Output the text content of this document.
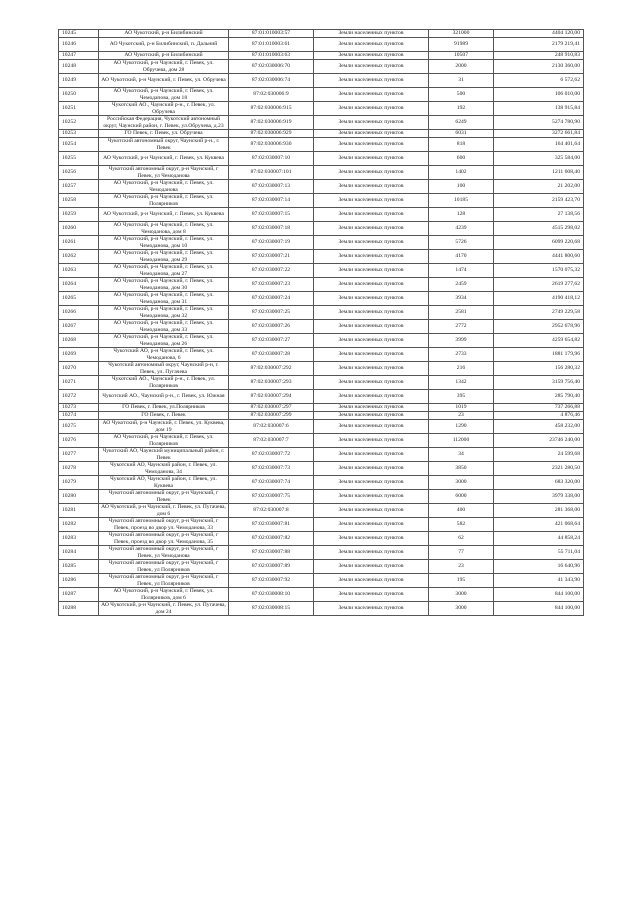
10245	АО Чукотский, р-н Билибинский	87:01:010003:57	Земли населенных пунктов	321000	4404 120,00
10246	АО Чукотский, р-н Билибинский, п. Дальний	87:01:010003:61	Земли населенных пунктов	91989	2179 219,41
10247	АО Чукотский, р-н Билибинский	87:01:010003:63	Земли населенных пунктов	10507	248 910,83
10248	АО Чукотский, р-н Чаунский, г. Певек, ул. Обручева, дом 28	87:02:030006:70	Земли населенных пунктов	2000	2130 360,00
10249	АО Чукотский, р-н Чаунский, г. Певек, ул. Обручева	87:02:030006:74	Земли населенных пунктов	31	6 572,62
10250	АО Чукотский, р-н Чаунский, г. Певек, ул. Чемодапова, дом 18	87:02:030006:9	Земли населенных пунктов	500	106 010,00
10251	Чукотский АО., Чаунский р-н., г. Певек, ул. Обручева	87:02:030006:915	Земли населенных пунктов	192	138 915,84
10252	Российская Федерация, Чукотский автономный округ, Чаунский район, г. Певек, ул.Обручева, д.23	87:02:030006:919	Земли населенных пунктов	6249	5274 780,90
10253	ГО Певек, г. Певек, ул. Обручева	87:02:030006:929	Земли населенных пунктов	6031	3272 661,84
10254	Чукотский автономный округ, Чаунский р-н., г. Певек	87:02:030006:930	Земли населенных пунктов	818	164 401,64
10255	АО Чукотский, р-н Чаунский, г. Певек, ул. Куквева	87:02:030007:10	Земли населенных пунктов	600	325 584,00
10256	Чукотский автономный округ, р-н Чаунский, г Певек, ул Чемоданова	87:02:030007:101	Земли населенных пунктов	1402	1211 608,40
10257	АО Чукотский, р-н Чаунский, г. Певек, ул. Чемоданова	87:02:030007:13	Земли населенных пунктов	100	21 202,00
10258	АО Чукотский, р-н Чаунский, г. Певек, ул. Полярников	87:02:030007:14	Земли населенных пунктов	10185	2159 423,70
10259	АО Чукотский, р-н Чаунский, г. Певек, ул. Куквева	87:02:030007:15	Земли населенных пунктов	128	27 138,56
10260	АО Чукотский, р-н Чаунский, г. Певек, ул. Чемоданова, дом 8	87:02:030007:18	Земли населенных пунктов	4239	4515 298,02
10261	АО Чукотский, р-н Чаунский, г. Певек, ул. Чемоданова, дом 10	87:02:030007:19	Земли населенных пунктов	5726	6099 220,68
10262	АО Чукотский, р-н Чаунский, г. Певек, ул. Чемоданова, дом 29	87:02:030007:21	Земли населенных пунктов	4170	4441 800,60
10263	АО Чукотский, р-н Чаунский, г. Певек, ул. Чемоданова, дом 27	87:02:030007:22	Земли населенных пунктов	1474	1570 075,32
10264	АО Чукотский, р-н Чаунский, г. Певек, ул. Чемоданова, дом 30	87:02:030007:23	Земли населенных пунктов	2459	2619 277,62
10265	АО Чукотский, р-н Чаунский, г. Певек, ул. Чемоданова, дом 31	87:02:030007:24	Земли населенных пунктов	3934	4190 418,12
10266	АО Чукотский, р-н Чаунский, г. Певек, ул. Чемоданова, дом 32	87:02:030007:25	Земли населенных пунктов	2581	2749 229,58
10267	АО Чукотский, р-н Чаунский, г. Певек, ул. Чемоданова, дом 33	87:02:030007:26	Земли населенных пунктов	2772	2952 678,96
10268	АО Чукотский, р-н Чаунский, г. Певек, ул. Чемоданова, дом 26	87:02:030007:27	Земли населенных пунктов	3999	4259 654,82
10269	Чукотский АО, р-н Чаунский, г. Певек, ул. Чемоданова, 6	87:02:030007:28	Земли населенных пунктов	2733	1881 179,96
10270	Чукотский автономный округ, Чаунский р-н, г. Певек, ул. Пугачева	87:02:030007:292	Земли населенных пунктов	216	156 280,32
10271	Чукотский АО., Чаунский р-н., г. Певек, ул. Полярников	87:02:030007:293	Земли населенных пунктов	1342	3159 756,40
10272	Чукотский АО., Чаунский р-н., г. Певек, ул. Южная	87:02:030007:294	Земли населенных пунктов	395	285 790,40
10273	ГО Певек, г. Певек, ул.Полярников	87:02:030007:297	Земли населенных пунктов	1019	737 266,88
10274	ГО Певек, г. Певек	87:02:030007:299	Земли населенных пунктов	23	4 876,46
10275	АО Чукотский, р-н Чаунский, г. Певек, ул. Куквева, дом 19	87:02:030007:6	Земли населенных пунктов	1290	458 232,00
10276	АО Чукотский, р-н Чаунский, г. Певек, ул. Полярников	87:02:030007:7	Земли населенных пунктов	112000	23746 240,00
10277	Чукотский АО, Чаунский муниципальный район, г. Певек	87:02:030007:72	Земли населенных пунктов	34	24 599,68
10278	Чукотский АО, Чаунский район, г. Певек, ул. Чемоданова, 34	87:02:030007:73	Земли населенных пунктов	3850	2321 280,50
10279	Чукотский АО, Чаунский район, г. Певек, ул. Куквева	87:02:030007:74	Земли населенных пунктов	3000	683 320,00
10280	Чукотский автономный округ, р-н Чаунский, г Певек	87:02:030007:75	Земли населенных пунктов	6000	3979 338,00
10281	АО Чукотский, р-н Чаунский, г. Певек, ул. Пугачева, дом 6	87:02:030007:8	Земли населенных пунктов	400	281 368,00
10282	Чукотский автономный округ, р-н Чаунский, г Певек, проезд во двор ул. Чемоданова, 33	87:02:030007:81	Земли населенных пунктов	582	421 068,64
10283	Чукотский автономный округ, р-н Чаунский, г Певек, проезд во двор ул. Чемоданова, 35	87:02:030007:82	Земли населенных пунктов	62	44 858,24
10284	Чукотский автономный округ, р-н Чаунский, г Певек, ул Чемоданова	87:02:030007:88	Земли населенных пунктов	77	55 711,04
10285	Чукотский автономный округ, р-н Чаунский, г Певек, ул Полярников	87:02:030007:89	Земли населенных пунктов	23	16 640,96
10286	Чукотский автономный округ, р-н Чаунский, г Певек, ул Полярников	87:02:030007:92	Земли населенных пунктов	195	41 343,90
10287	АО Чукотский, р-н Чаунский, г. Певек, ул. Полярников, дом 6	87:02:030008:10	Земли населенных пунктов	3000	844 100,00
10288	АО Чукотский, р-н Чаунский, г. Певек, ул. Пугачева, дом 24	87:02:030008:15	Земли населенных пунктов	3000	844 100,00
